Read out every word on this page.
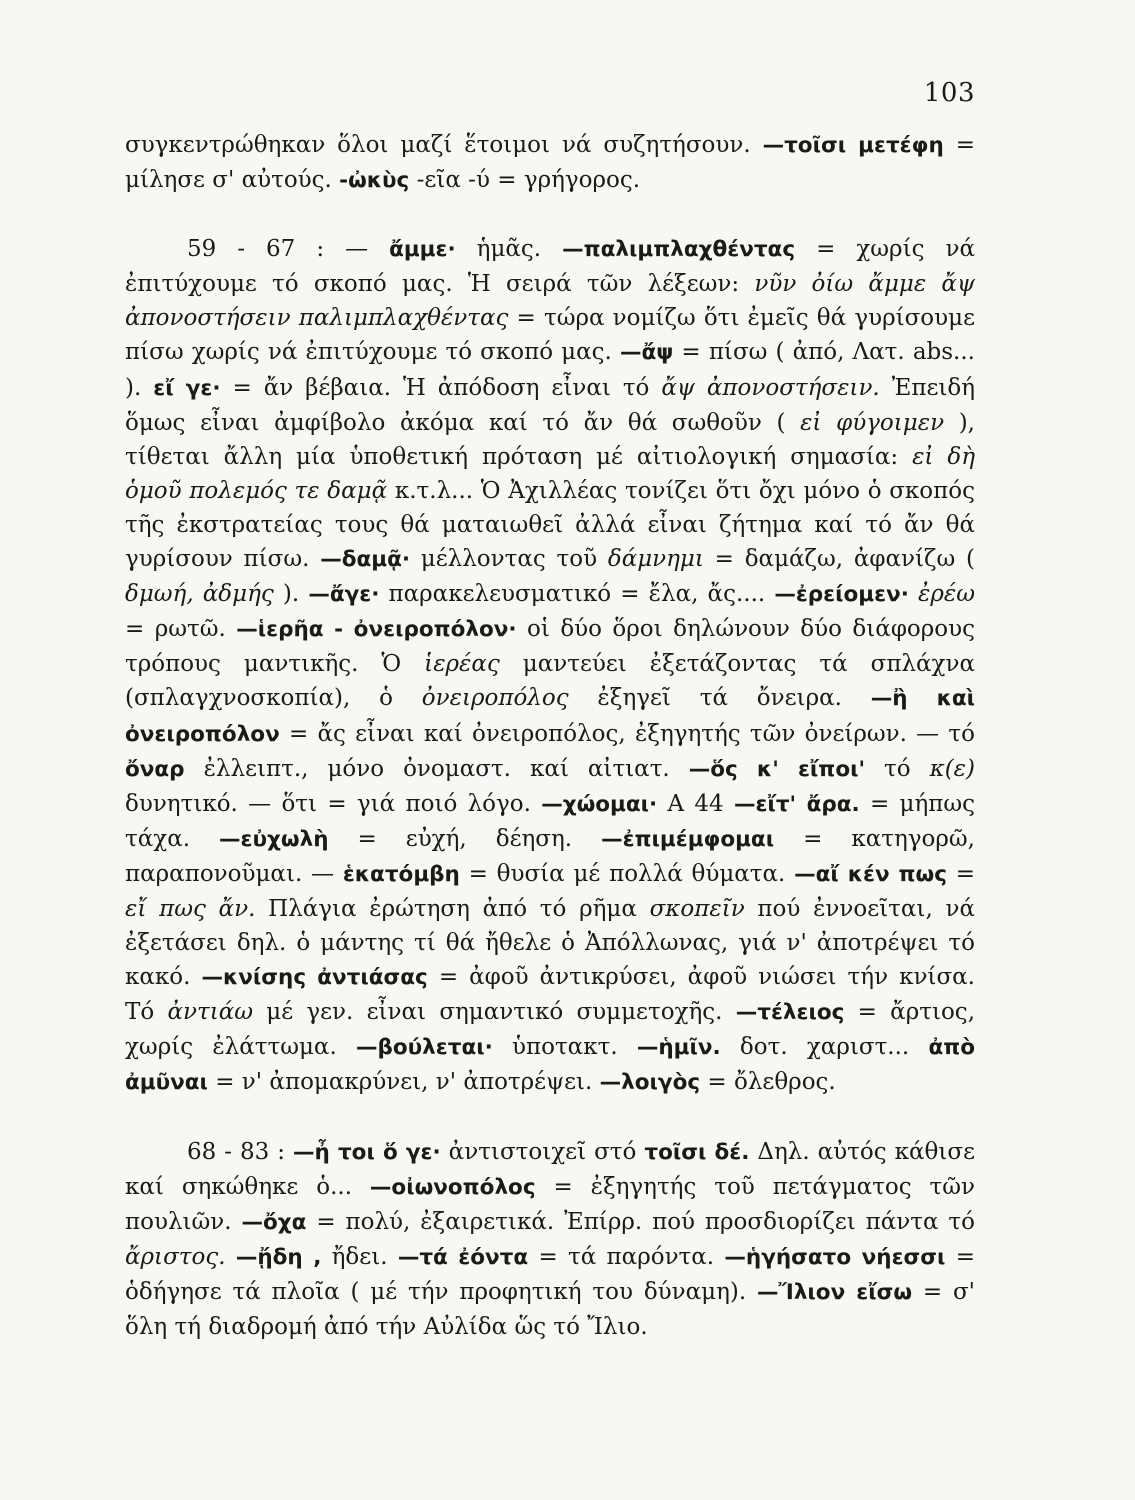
103

συγκεντρώθηκαν ὅλοι μαζί ἕτοιμοι νά συζητήσουν. —τοῖσι μετέφη = μίλησε σ' αὐτούς. -ὠκὺς -εῖα -ύ = γρήγορος.

59 - 67 : — ἄμμε· ἡμᾶς. —παλιμπλαχθέντας = χωρίς νά ἐπιτύχουμε τό σκοπό μας. Ἡ σειρά τῶν λέξεων: νῦν ὀίω ἄμμε ἄψ ἀπονοστήσειν παλιμπλαχθέντας = τώρα νομίζω ὅτι ἐμεῖς θά γυρίσουμε πίσω χωρίς νά ἐπιτύχουμε τό σκοπό μας. —ἄψ = πίσω ( ἀπό, Λατ. abs... ). εἴ γε· = ἄν βέβαια. Ἡ ἀπόδοση εἶναι τό ἄψ ἀπονοστήσειν. Ἐπειδή ὅμως εἶναι ἀμφίβολο ἀκόμα καί τό ἄν θά σωθοῦν ( εἰ φύγοιμεν ), τίθεται ἄλλη μία ὑποθετική πρόταση μέ αἰτιολογική σημασία: εἰ δὴ ὁμοῦ πολεμός τε δαμᾷ κ.τ.λ... Ὁ Ἀχιλλέας τονίζει ὅτι ὄχι μόνο ὁ σκοπός τῆς ἐκστρατείας τους θά ματαιωθεῖ ἀλλά εἶναι ζήτημα καί τό ἄν θά γυρίσουν πίσω. —δαμᾷ· μέλλοντας τοῦ δάμνημι = δαμάζω, ἀφανίζω ( δμωή, ἀδμής ). —ἄγε· παρακελευσματικό = ἔλα, ἄς.... —ἐρείομεν· ἐρέω = ρωτῶ. —ἱερῆα - ὀνειροπόλον· οἱ δύο ὅροι δηλώνουν δύο διάφορους τρόπους μαντικῆς. Ὁ ἱερέας μαντεύει ἐξετάζοντας τά σπλάχνα (σπλαγχνοσκοπία), ὁ ὀνειροπόλος ἐξηγεῖ τά ὄνειρα. —ἢ καὶ ὀνειροπόλον = ἄς εἶναι καί ὀνειροπόλος, ἐξηγητής τῶν ὀνείρων. — τό ὄναρ ἐλλειπτ., μόνο ὀνομαστ. καί αἰτιατ. —ὅς κ' εἴποι' τό κ(ε) δυνητικό. — ὅτι = γιά ποιό λόγο. —χώομαι· Α 44 —εἴτ' ἄρα. = μήπως τάχα. —εὐχωλὴ = εὐχή, δέηση. —ἐπιμέμφομαι = κατηγορῶ, παραπονοῦμαι. — ἑκατόμβη = θυσία μέ πολλά θύματα. —αἴ κέν πως = εἴ πως ἄν. Πλάγια ἐρώτηση ἀπό τό ρῆμα σκοπεῖν πού ἐννοεῖται, νά ἐξετάσει δηλ. ὁ μάντης τί θά ἤθελε ὁ Ἀπόλλωνας, γιά ν' ἀποτρέψει τό κακό. —κνίσης ἀντιάσας = ἀφοῦ ἀντικρύσει, ἀφοῦ νιώσει τήν κνίσα. Τό ἀντιάω μέ γεν. εἶναι σημαντικό συμμετοχῆς. —τέλειος = ἄρτιος, χωρίς ἐλάττωμα. —βούλεται· ὑποτακτ. —ἡμῖν. δοτ. χαριστ... ἀπὸ ἀμῦναι = ν' ἀπομακρύνει, ν' ἀποτρέψει. —λοιγὸς = ὄλεθρος.

68 - 83 : —ἦ τοι ὅ γε· ἀντιστοιχεῖ στό τοῖσι δέ. Δηλ. αὐτός κάθισε καί σηκώθηκε ὁ... —οἰωνοπόλος = ἐξηγητής τοῦ πετάγματος τῶν πουλιῶν. —ὄχα = πολύ, ἐξαιρετικά. Ἐπίρρ. πού προσδιορίζει πάντα τό ἄριστος. —ᾔδη , ἤδει. —τά ἐόντα = τά παρόντα. —ἡγήσατο νήεσσι = ὁδήγησε τά πλοῖα ( μέ τήν προφητική του δύναμη). —Ἴλιον εἴσω = σ' ὅλη τή διαδρομή ἀπό τήν Αὐλίδα ὥς τό Ἴλιο.
